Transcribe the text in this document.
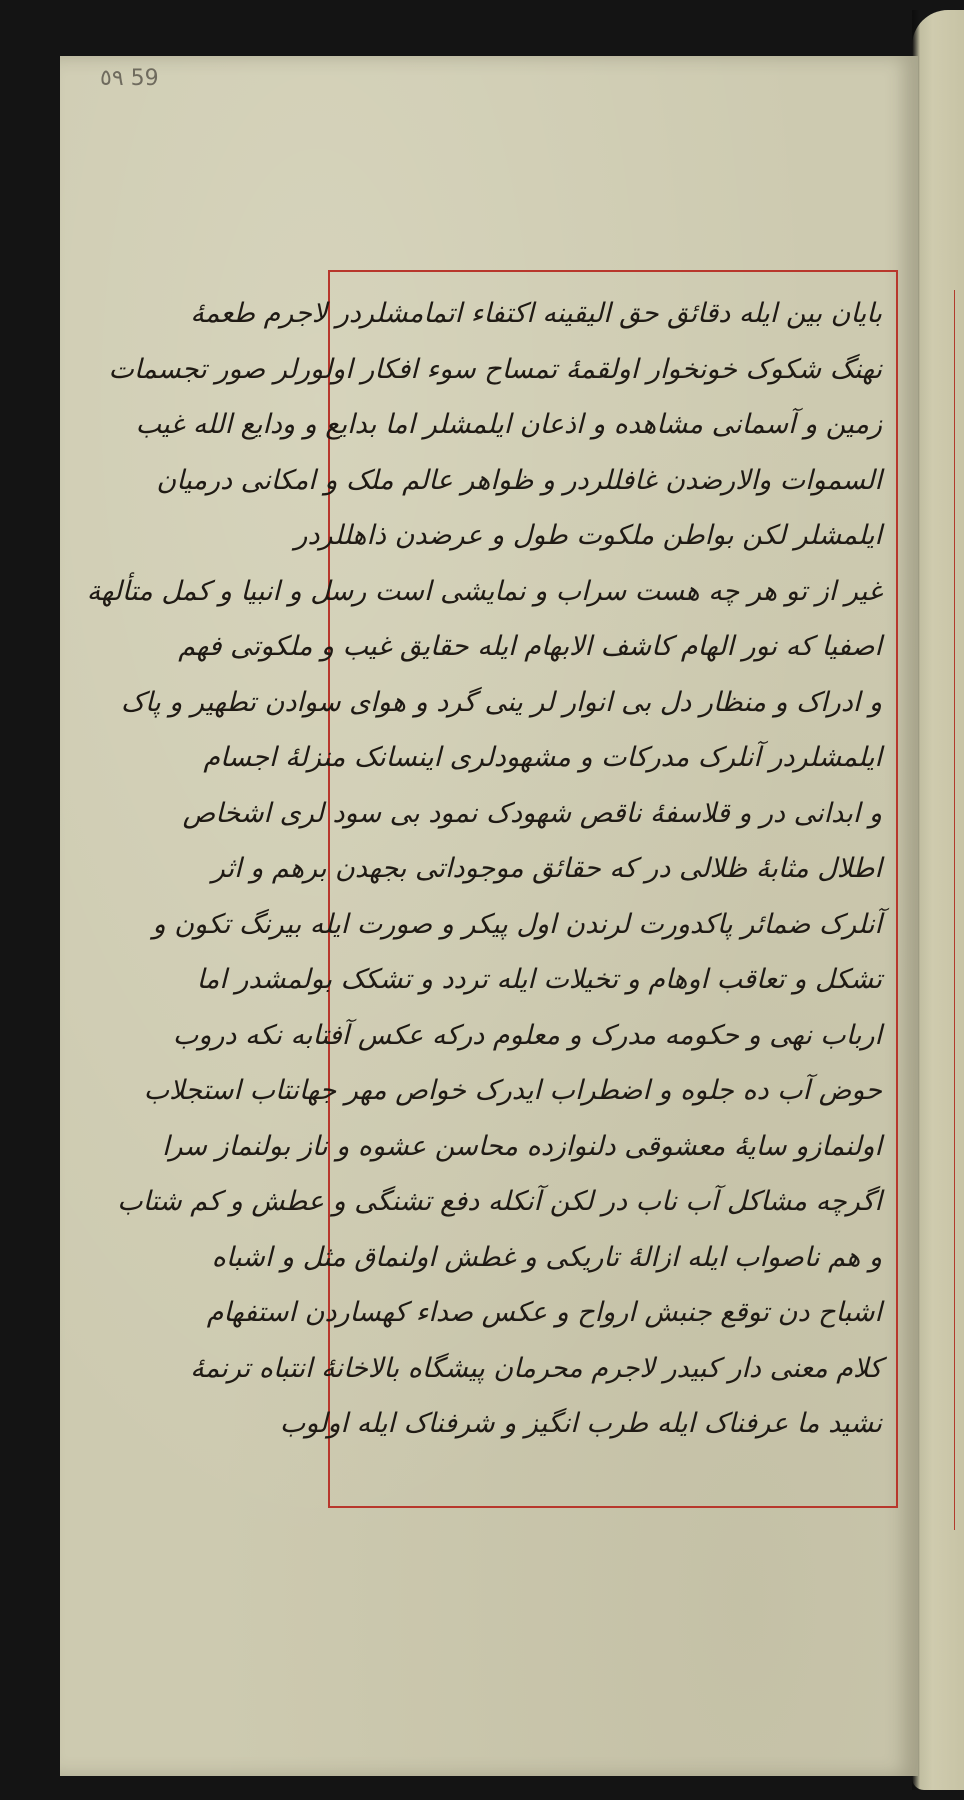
٥٩ 59
بایان بین ایله دقائق حق الیقینه اکتفاء اتمامشلردر لاجرم طعمهٔ
نهنگ شکوک خونخوار اولقمهٔ تمساح سوء افکار اولورلر صور تجسمات
زمین و آسمانی مشاهده و اذعان ایلمشلر اما بدایع و ودایع الله غیب
السموات والارضدن غافللردر و ظواهر عالم ملک و امکانی درمیان
ایلمشلر لکن بواطن ملکوت طول و عرضدن ذاهللردر
غیر از تو هر چه هست سراب و نمایشی است رسل و انبیا و کمل متألهة
اصفیا که نور الهام کاشف الابهام ایله حقایق غیب و ملکوتی فهم
و ادراک و منظار دل بی انوار لر ینی گرد و هوای سوادن تطهیر و پاک
ایلمشلردر آنلرک مدرکات و مشهودلری اینسانک منزلهٔ اجسام
و ابدانی در و قلاسفهٔ ناقص شهودک نمود بی سود لری اشخاص
اطلال مثابهٔ ظلالی در که حقائق موجوداتی بجهدن برهم و اثر
آنلرک ضمائر پاکدورت لرندن اول پیکر و صورت ایله بیرنگ تکون و
تشکل و تعاقب اوهام و تخیلات ایله تردد و تشکک بولمشدر اما
ارباب نهی و حکومه مدرک و معلوم درکه عکس آفتابه نکه دروب
حوض آب ده جلوه و اضطراب ایدرک خواص مهر جهانتاب استجلاب
اولنمازو سایهٔ معشوقی دلنوازده محاسن عشوه و ناز بولنماز سرا
اگرچه مشاکل آب ناب در لکن آنکله دفع تشنگی و عطش و کم شتاب
و هم ناصواب ایله ازالهٔ تاریکی و غطش اولنماق مثل و اشباه
اشباح دن توقع جنبش ارواح و عکس صداء کهساردن استفهام
کلام معنی دار کبیدر لاجرم محرمان پیشگاه بالاخانهٔ انتباه ترنمهٔ
نشید ما عرفناک ایله طرب انگیز و شرفناک ایله اولوب
